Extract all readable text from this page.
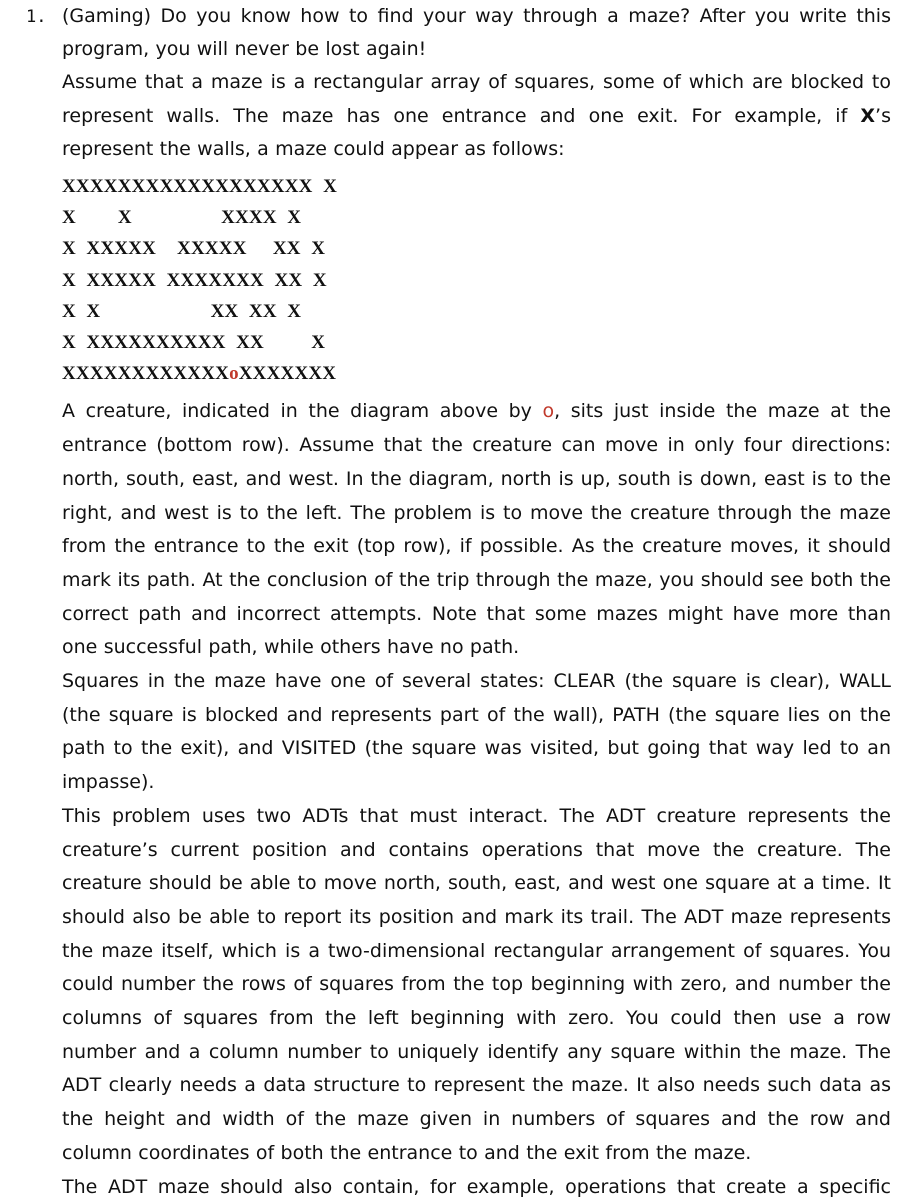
1. (Gaming) Do you know how to find your way through a maze? After you write this
program, you will never be lost again!
Assume that a maze is a rectangular array of squares, some of which are blocked to represent walls. The maze has one entrance and one exit. For example, if X’s represent the walls, a maze could appear as follows:
XXXXXXXXXXXXXXXXXX  X
X        X                 XXXX  X
X  XXXXX    XXXXX     XX  X
X  XXXXX  XXXXXXX  XX  X
X  X                     XX  XX  X
X  XXXXXXXXXX  XX         X
XXXXXXXXXXXXoXXXXXXX
A creature, indicated in the diagram above by o, sits just inside the maze at the entrance (bottom row). Assume that the creature can move in only four directions: north, south, east, and west. In the diagram, north is up, south is down, east is to the right, and west is to the left. The problem is to move the creature through the maze from the entrance to the exit (top row), if possible. As the creature moves, it should mark its path. At the conclusion of the trip through the maze, you should see both the correct path and incorrect attempts. Note that some mazes might have more than one successful path, while others have no path.
Squares in the maze have one of several states: CLEAR (the square is clear), WALL (the square is blocked and represents part of the wall), PATH (the square lies on the path to the exit), and VISITED (the square was visited, but going that way led to an impasse).
This problem uses two ADTs that must interact. The ADT creature represents the creature’s current position and contains operations that move the creature. The creature should be able to move north, south, east, and west one square at a time. It should also be able to report its position and mark its trail. The ADT maze represents the maze itself, which is a two-dimensional rectangular arrangement of squares. You could number the rows of squares from the top beginning with zero, and number the columns of squares from the left beginning with zero. You could then use a row number and a column number to uniquely identify any square within the maze. The ADT clearly needs a data structure to represent the maze. It also needs such data as the height and width of the maze given in numbers of squares and the row and column coordinates of both the entrance to and the exit from the maze.
The ADT maze should also contain, for example, operations that create a specific
